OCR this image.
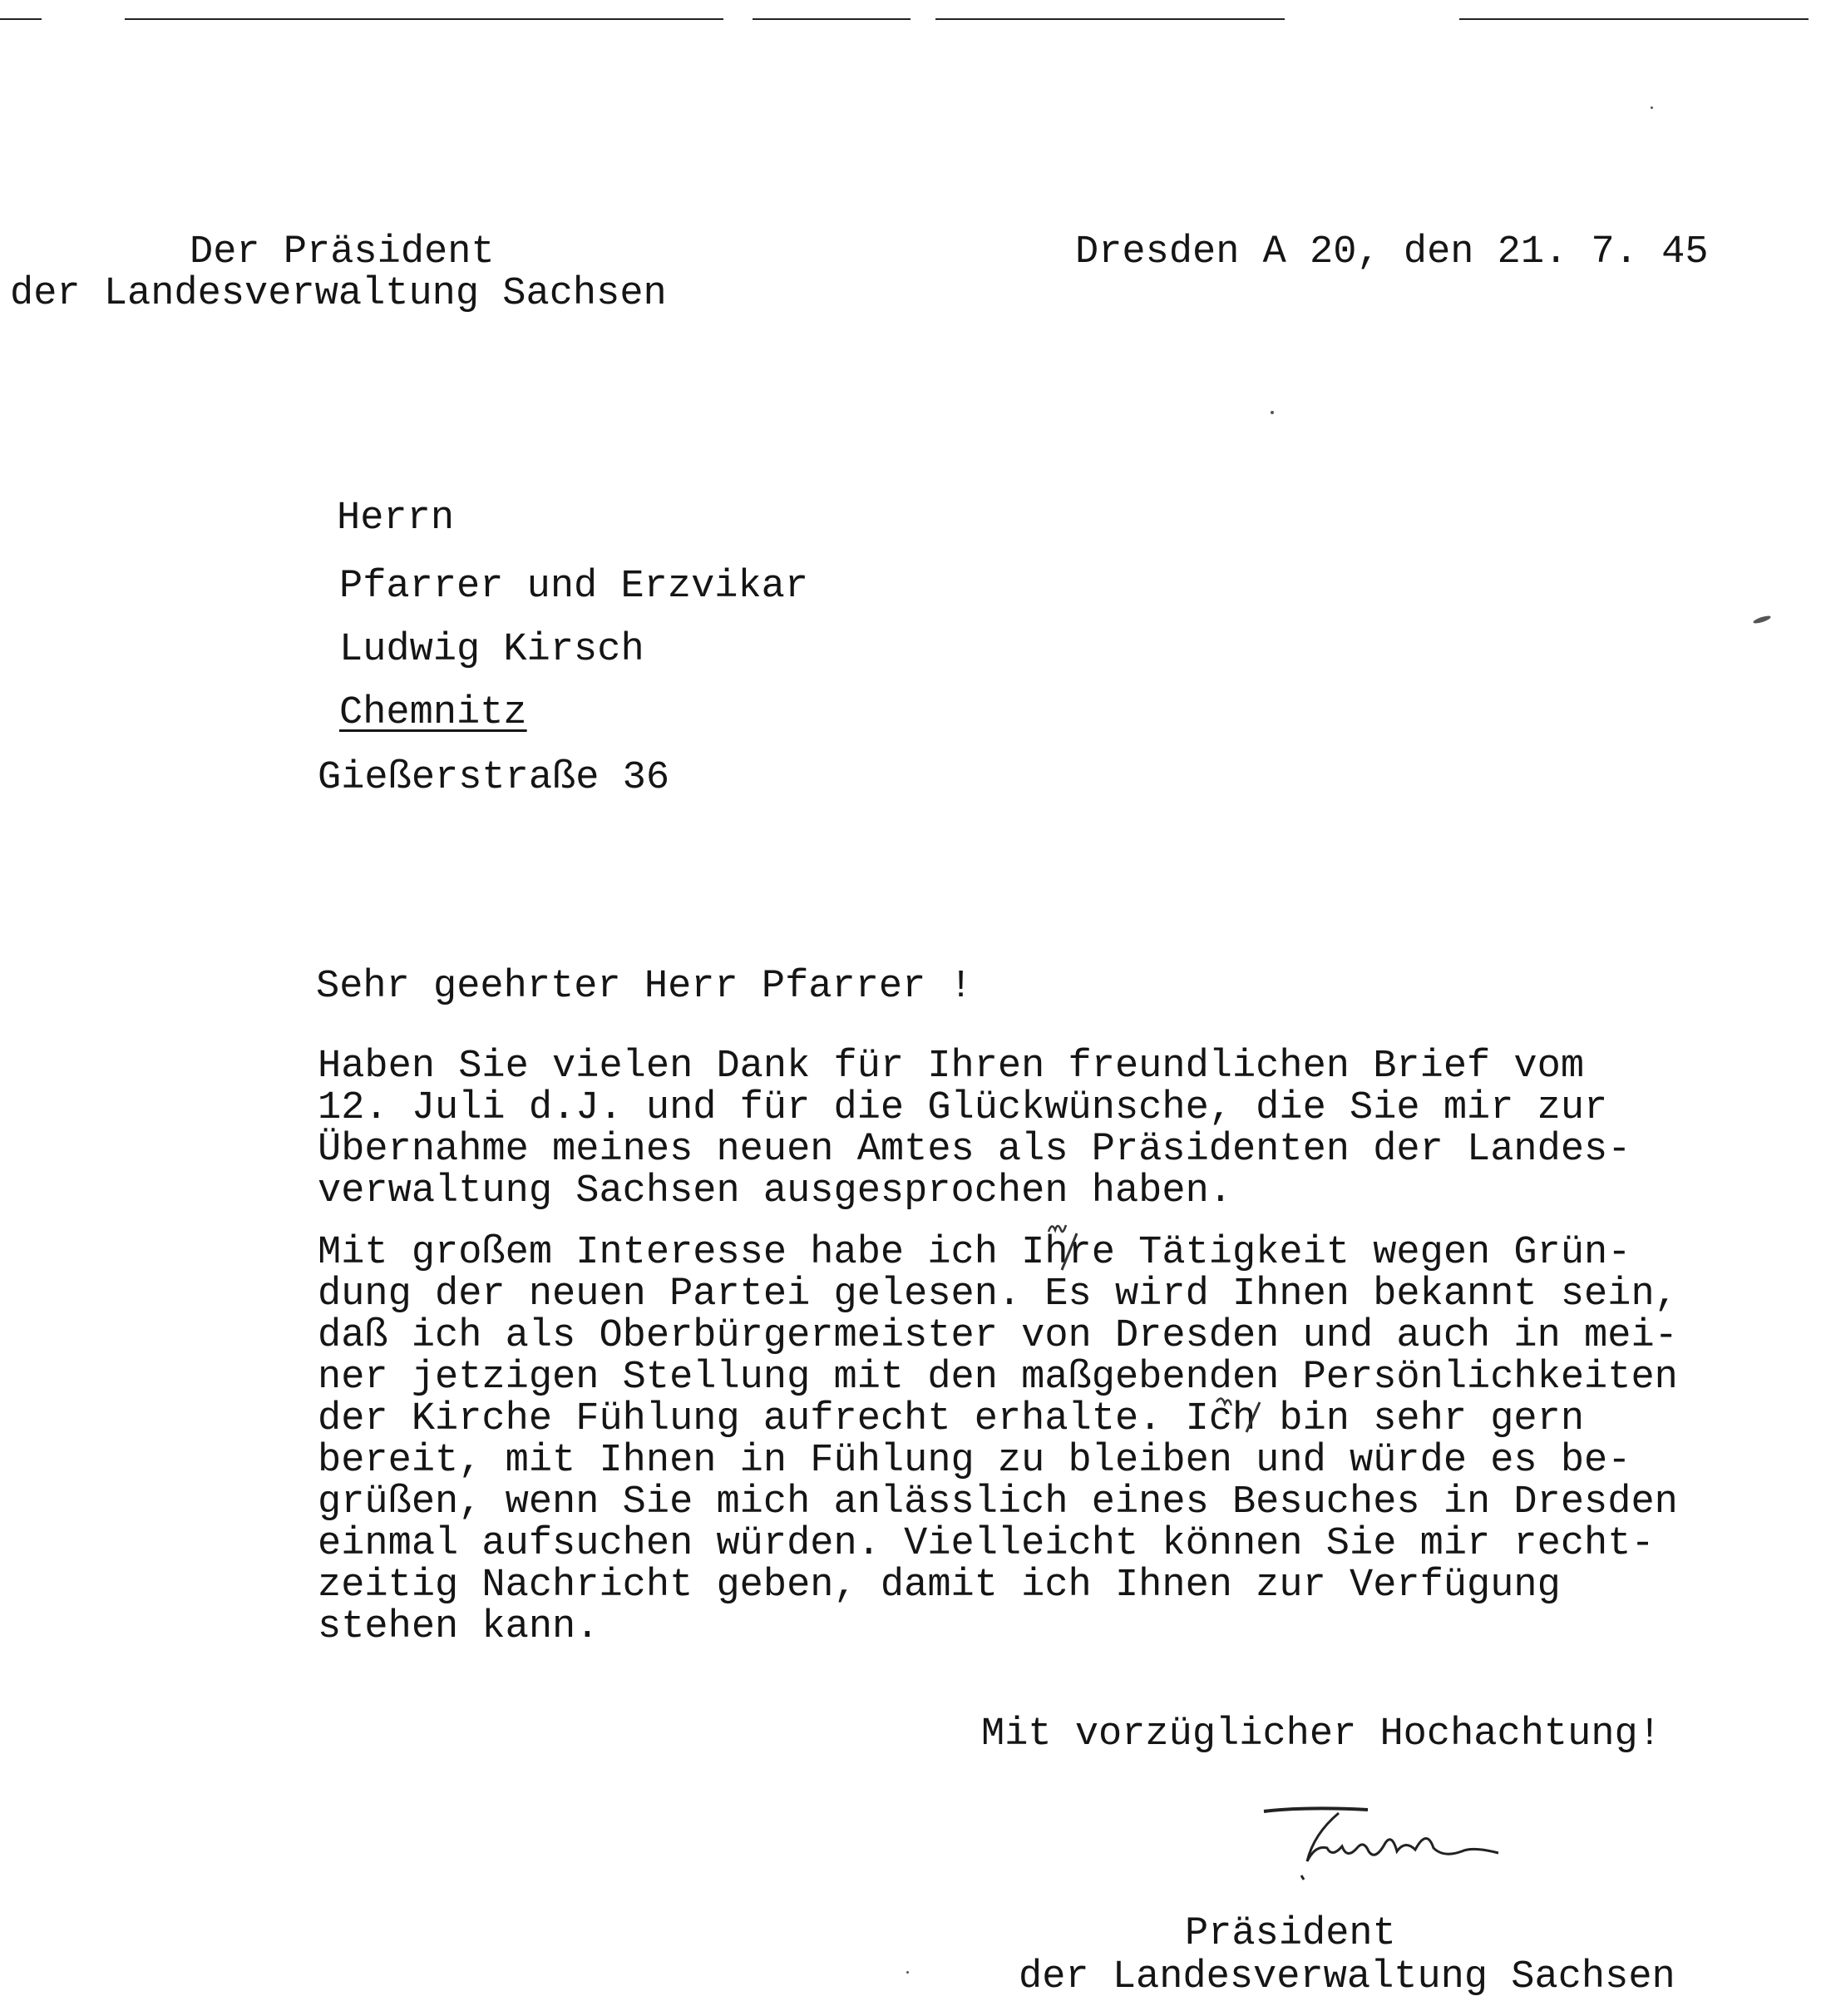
Der Präsident
der Landesverwaltung Sachsen
Dresden A 20, den 21. 7. 45
Herrn
Pfarrer und Erzvikar
Ludwig Kirsch
Chemnitz
Gießerstraße 36
Sehr geehrter Herr Pfarrer !
Haben Sie vielen Dank für Ihren freundlichen Brief vom
12. Juli d.J. und für die Glückwünsche, die Sie mir zur
Übernahme meines neuen Amtes als Präsidenten der Landes-
verwaltung Sachsen ausgesprochen haben.
Mit großem Interesse habe ich Ihre Tätigkeit wegen Grün-
dung der neuen Partei gelesen. Es wird Ihnen bekannt sein,
daß ich als Oberbürgermeister von Dresden und auch in mei-
ner jetzigen Stellung mit den maßgebenden Persönlichkeiten
der Kirche Fühlung aufrecht erhalte. Ich bin sehr gern
bereit, mit Ihnen in Fühlung zu bleiben und würde es be-
grüßen, wenn Sie mich anlässlich eines Besuches in Dresden
einmal aufsuchen würden. Vielleicht können Sie mir recht-
zeitig Nachricht geben, damit ich Ihnen zur Verfügung
stehen kann.
Mit vorzüglicher Hochachtung!
Präsident
der Landesverwaltung Sachsen
